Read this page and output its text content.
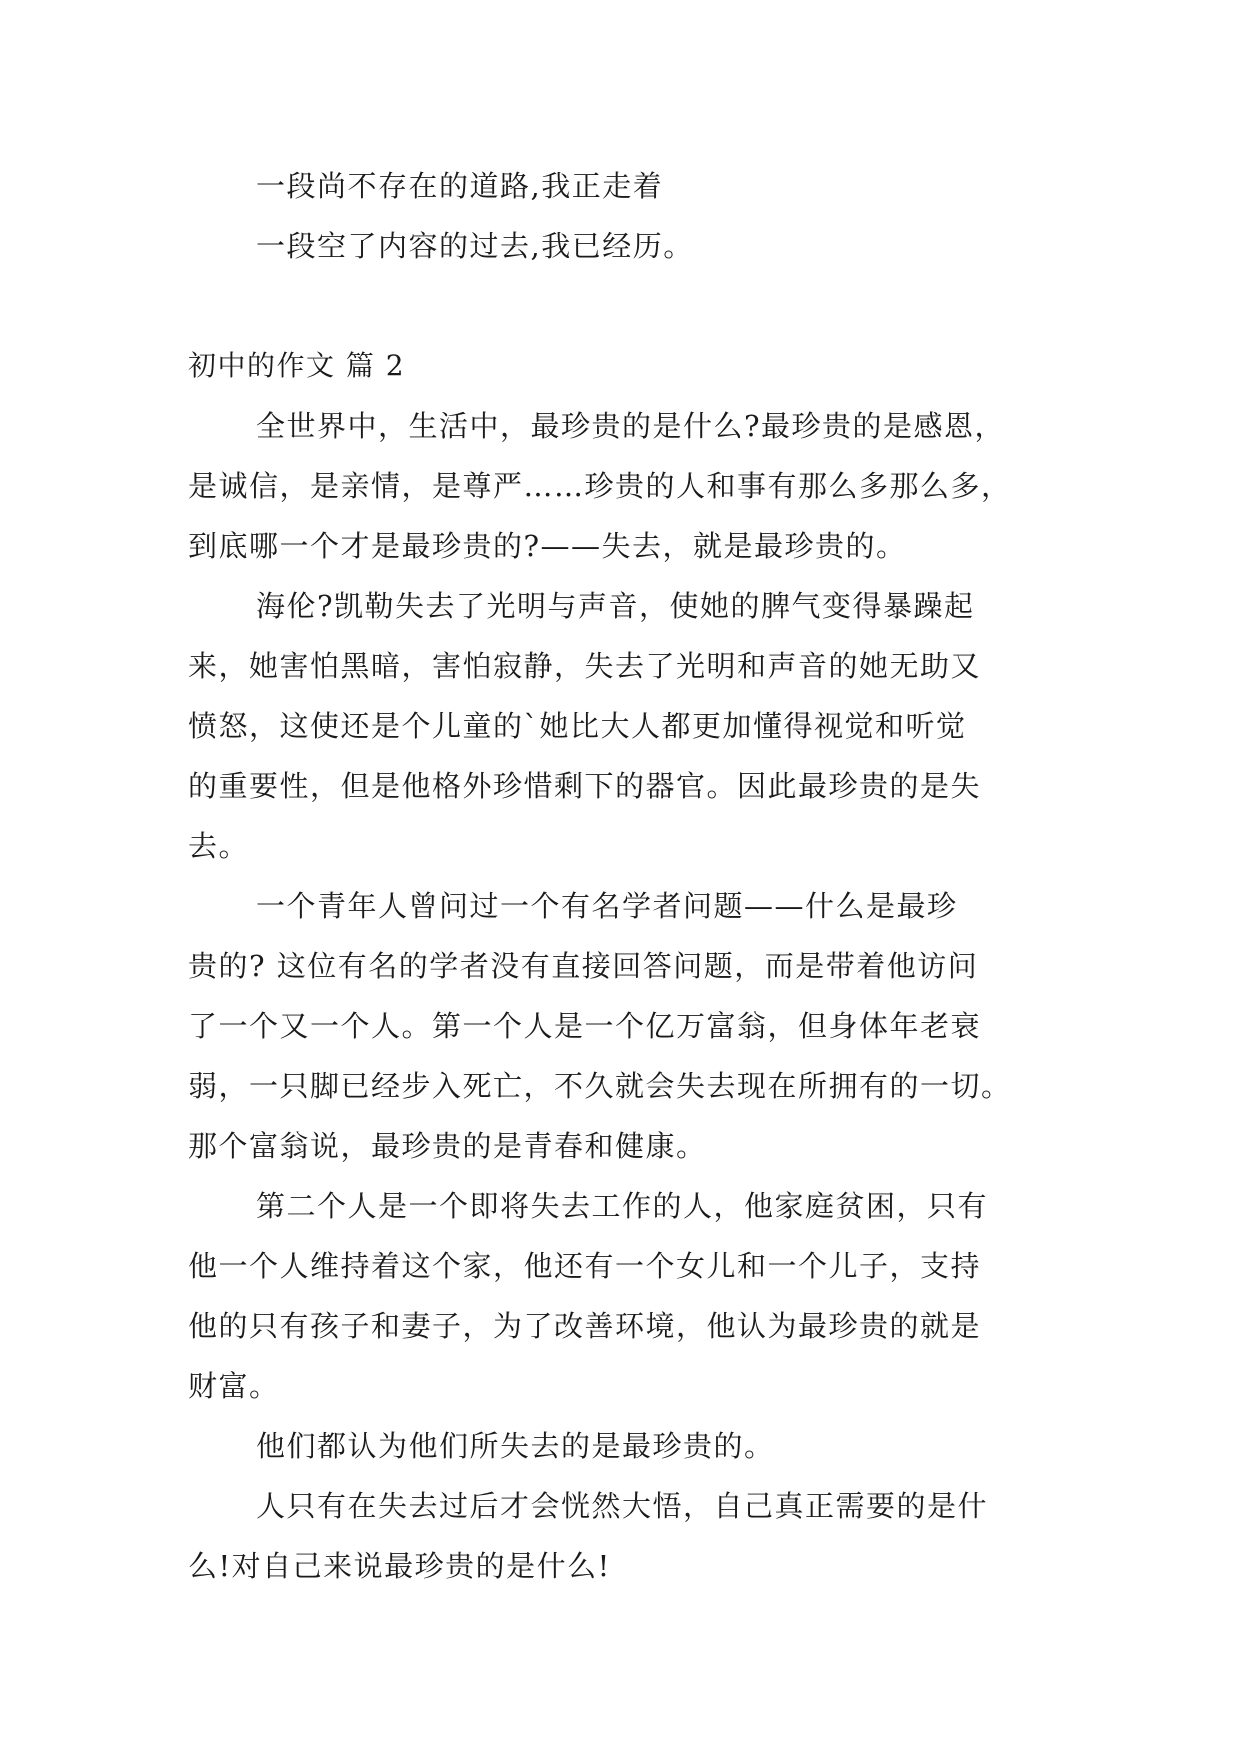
一段尚不存在的道路,我正走着
一段空了内容的过去,我已经历。
初中的作文 篇 2
全世界中，生活中，最珍贵的是什么?最珍贵的是感恩，
是诚信，是亲情，是尊严……珍贵的人和事有那么多那么多，
到底哪一个才是最珍贵的?——失去，就是最珍贵的。
海伦?凯勒失去了光明与声音，使她的脾气变得暴躁起
来，她害怕黑暗，害怕寂静，失去了光明和声音的她无助又
愤怒，这使还是个儿童的`她比大人都更加懂得视觉和听觉
的重要性，但是他格外珍惜剩下的器官。因此最珍贵的是失
去。
一个青年人曾问过一个有名学者问题——什么是最珍
贵的? 这位有名的学者没有直接回答问题，而是带着他访问
了一个又一个人。第一个人是一个亿万富翁，但身体年老衰
弱，一只脚已经步入死亡，不久就会失去现在所拥有的一切。
那个富翁说，最珍贵的是青春和健康。
第二个人是一个即将失去工作的人，他家庭贫困，只有
他一个人维持着这个家，他还有一个女儿和一个儿子，支持
他的只有孩子和妻子，为了改善环境，他认为最珍贵的就是
财富。
他们都认为他们所失去的是最珍贵的。
人只有在失去过后才会恍然大悟，自己真正需要的是什
么!对自己来说最珍贵的是什么!
